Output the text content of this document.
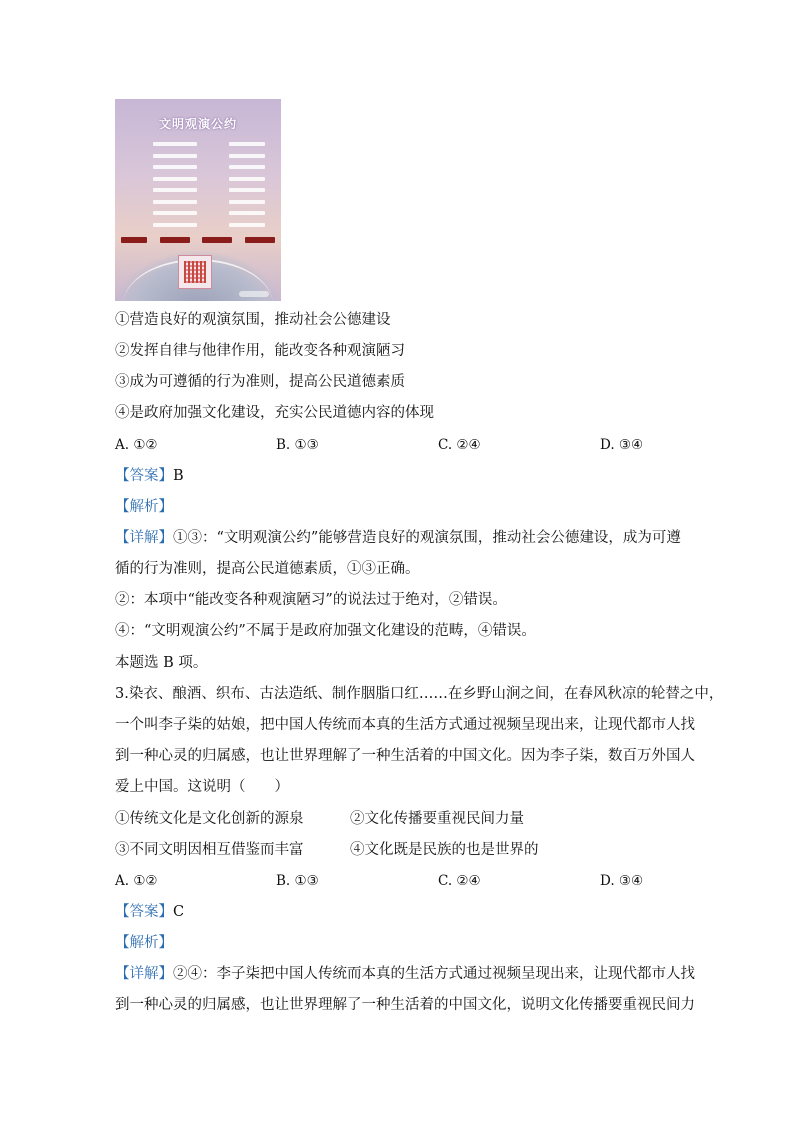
文明观演公约
①营造良好的观演氛围，推动社会公德建设
②发挥自律与他律作用，能改变各种观演陋习
③成为可遵循的行为准则，提高公民道德素质
④是政府加强文化建设，充实公民道德内容的体现
A. ①②	B. ①③	C. ②④	D. ③④
【答案】B
【解析】
【详解】①③：“文明观演公约”能够营造良好的观演氛围，推动社会公德建设，成为可遵
循的行为准则，提高公民道德素质，①③正确。
②：本项中“能改变各种观演陋习”的说法过于绝对，②错误。
④：“文明观演公约”不属于是政府加强文化建设的范畴，④错误。
本题选 B 项。
3.染衣、酿酒、织布、古法造纸、制作胭脂口红……在乡野山涧之间，在春风秋凉的轮替之中，
一个叫李子柒的姑娘，把中国人传统而本真的生活方式通过视频呈现出来，让现代都市人找
到一种心灵的归属感，也让世界理解了一种生活着的中国文化。因为李子柒，数百万外国人
爱上中国。这说明（　　）
①传统文化是文化创新的源泉	②文化传播要重视民间力量
③不同文明因相互借鉴而丰富	④文化既是民族的也是世界的
A. ①②	B. ①③	C. ②④	D. ③④
【答案】C
【解析】
【详解】②④：李子柒把中国人传统而本真的生活方式通过视频呈现出来，让现代都市人找
到一种心灵的归属感，也让世界理解了一种生活着的中国文化，说明文化传播要重视民间力
